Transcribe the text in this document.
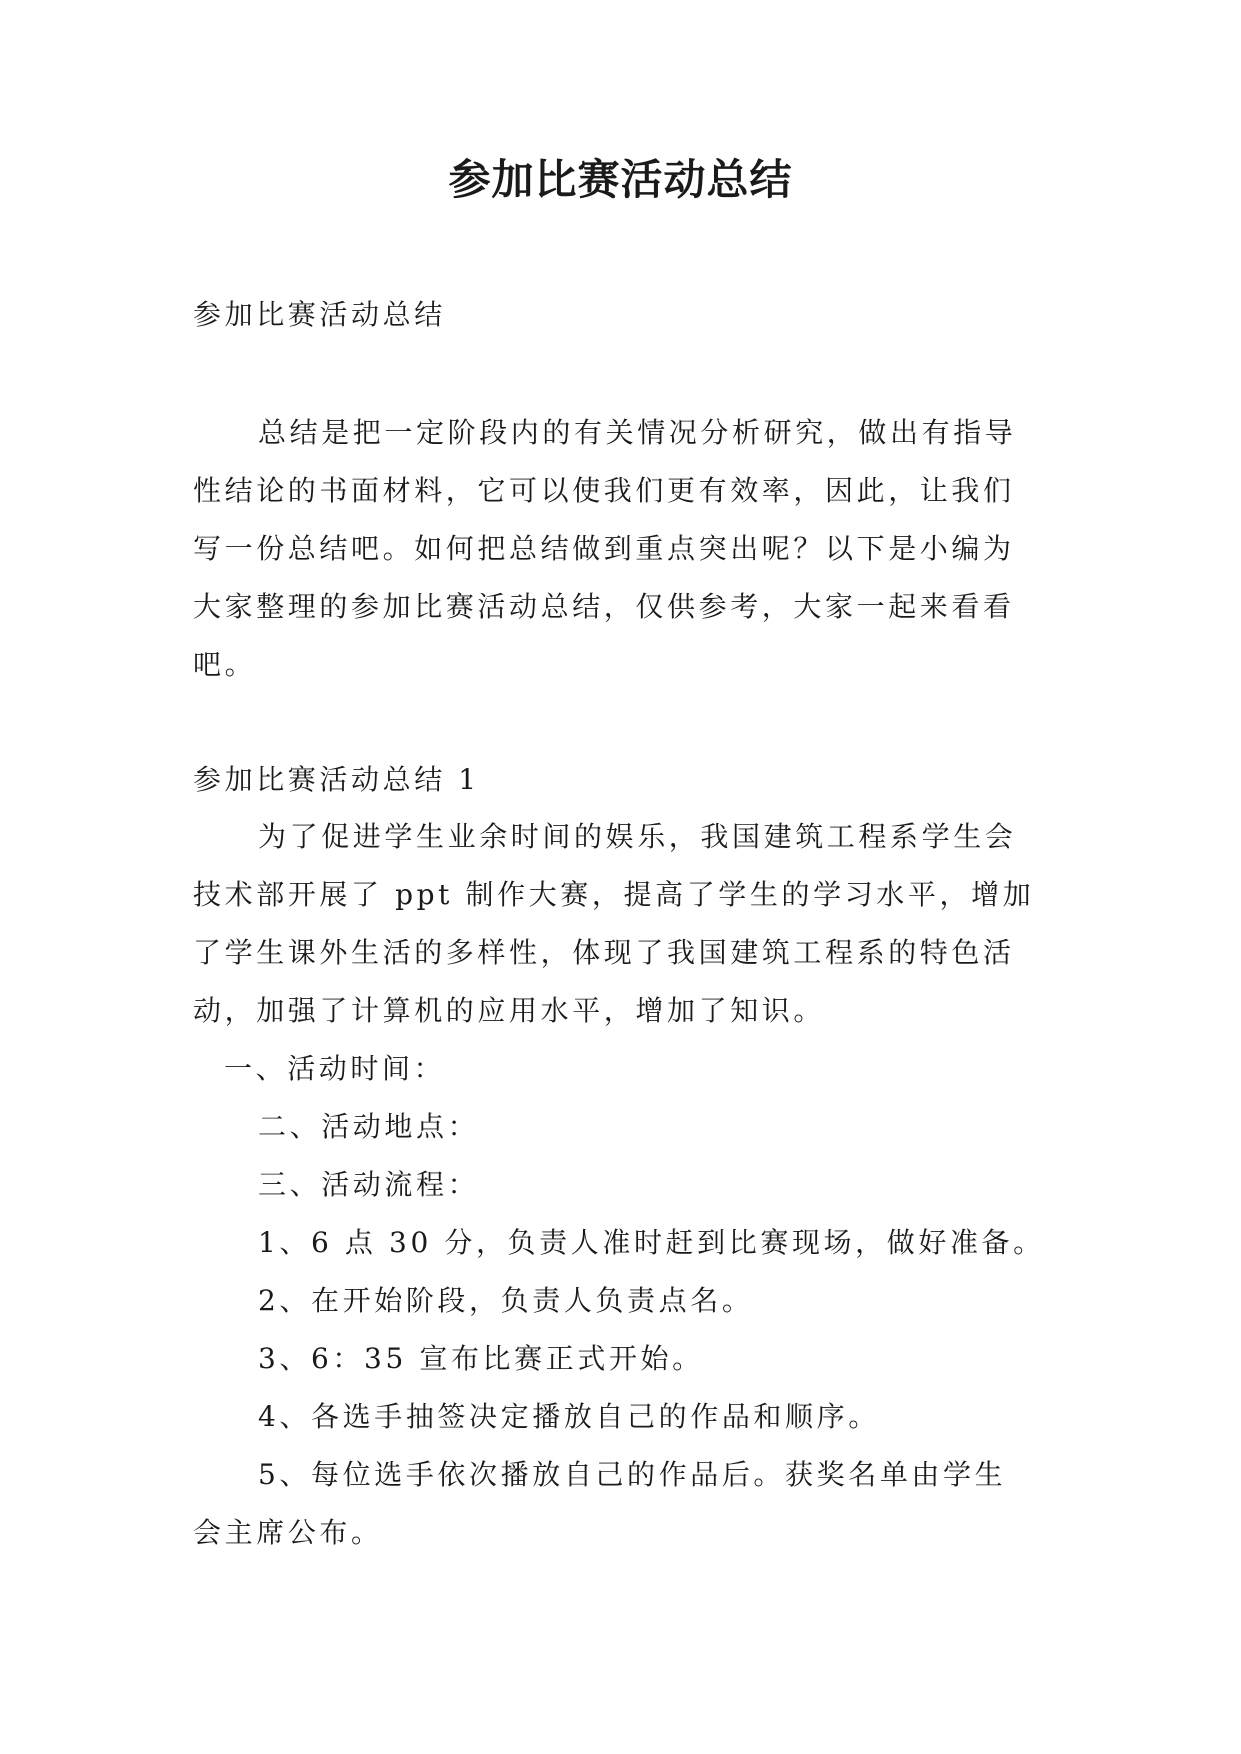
参加比赛活动总结
参加比赛活动总结
总结是把一定阶段内的有关情况分析研究，做出有指导
性结论的书面材料，它可以使我们更有效率，因此，让我们
写一份总结吧。如何把总结做到重点突出呢？以下是小编为
大家整理的参加比赛活动总结，仅供参考，大家一起来看看
吧。
参加比赛活动总结 1
为了促进学生业余时间的娱乐，我国建筑工程系学生会
技术部开展了 ppt 制作大赛，提高了学生的学习水平，增加
了学生课外生活的多样性，体现了我国建筑工程系的特色活
动，加强了计算机的应用水平，增加了知识。
一、活动时间：
二、活动地点：
三、活动流程：
1、6 点 30 分，负责人准时赶到比赛现场，做好准备。
2、在开始阶段，负责人负责点名。
3、6：35 宣布比赛正式开始。
4、各选手抽签决定播放自己的作品和顺序。
5、每位选手依次播放自己的作品后。获奖名单由学生
会主席公布。
